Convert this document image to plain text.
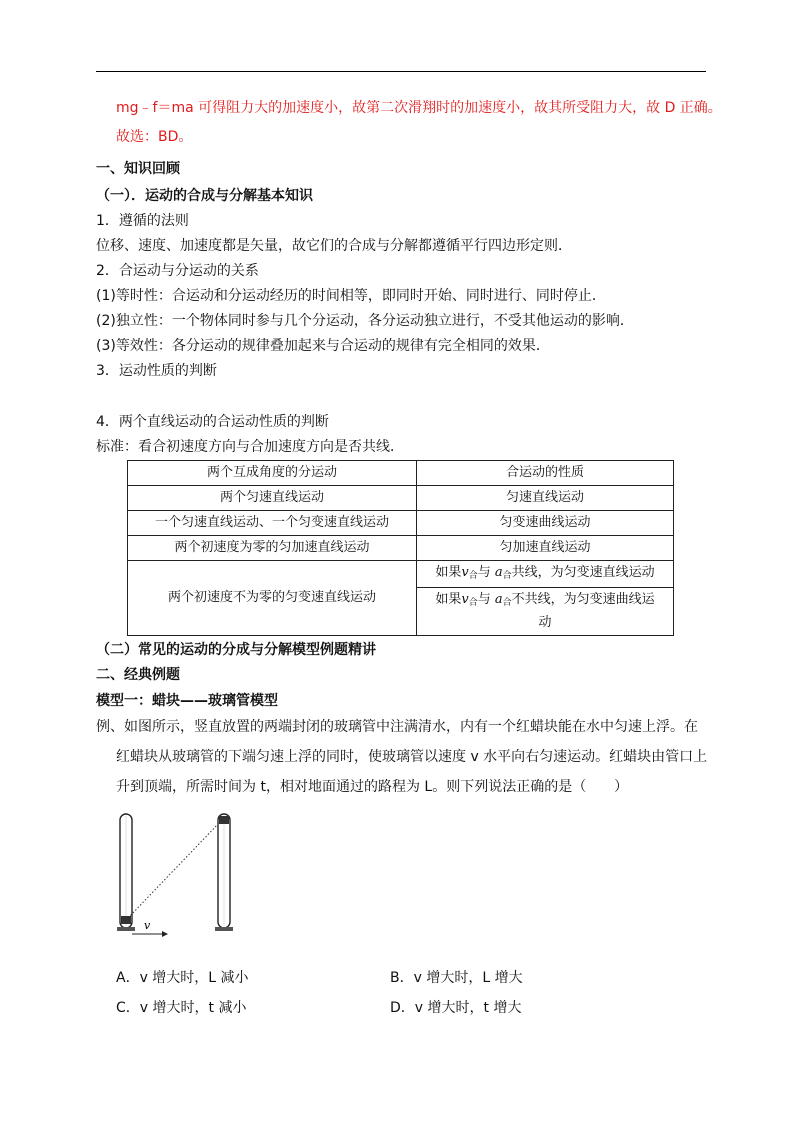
mg﹣f＝ma 可得阻力大的加速度小，故第二次滑翔时的加速度小，故其所受阻力大，故 D 正确。
故选：BD。
一、知识回顾
（一）．运动的合成与分解基本知识
1．遵循的法则
位移、速度、加速度都是矢量，故它们的合成与分解都遵循平行四边形定则．
2．合运动与分运动的关系
(1)等时性：合运动和分运动经历的时间相等，即同时开始、同时进行、同时停止．
(2)独立性：一个物体同时参与几个分运动，各分运动独立进行，不受其他运动的影响．
(3)等效性：各分运动的规律叠加起来与合运动的规律有完全相同的效果．
3．运动性质的判断
4．两个直线运动的合运动性质的判断
标准：看合初速度方向与合加速度方向是否共线．
两个互成角度的分运动	合运动的性质
两个匀速直线运动	匀速直线运动
一个匀速直线运动、一个匀变速直线运动	匀变速曲线运动
两个初速度为零的匀加速直线运动	匀加速直线运动
两个初速度不为零的匀变速直线运动	如果$v_合$与 $a_合$共线，为匀变速直线运动
	如果$v_合$与 $a_合$不共线，为匀变速曲线运
动
（二）常见的运动的分成与分解模型例题精讲
二、经典例题
模型一：蜡块——玻璃管模型
例、如图所示，竖直放置的两端封闭的玻璃管中注满清水，内有一个红蜡块能在水中匀速上浮。在
红蜡块从玻璃管的下端匀速上浮的同时，使玻璃管以速度 v 水平向右匀速运动。红蜡块由管口上
升到顶端，所需时间为 t，相对地面通过的路程为 L。则下列说法正确的是（　　）
v
A．v 增大时，L 减小	B．v 增大时，L 增大
C．v 增大时，t 减小	D．v 增大时，t 增大
